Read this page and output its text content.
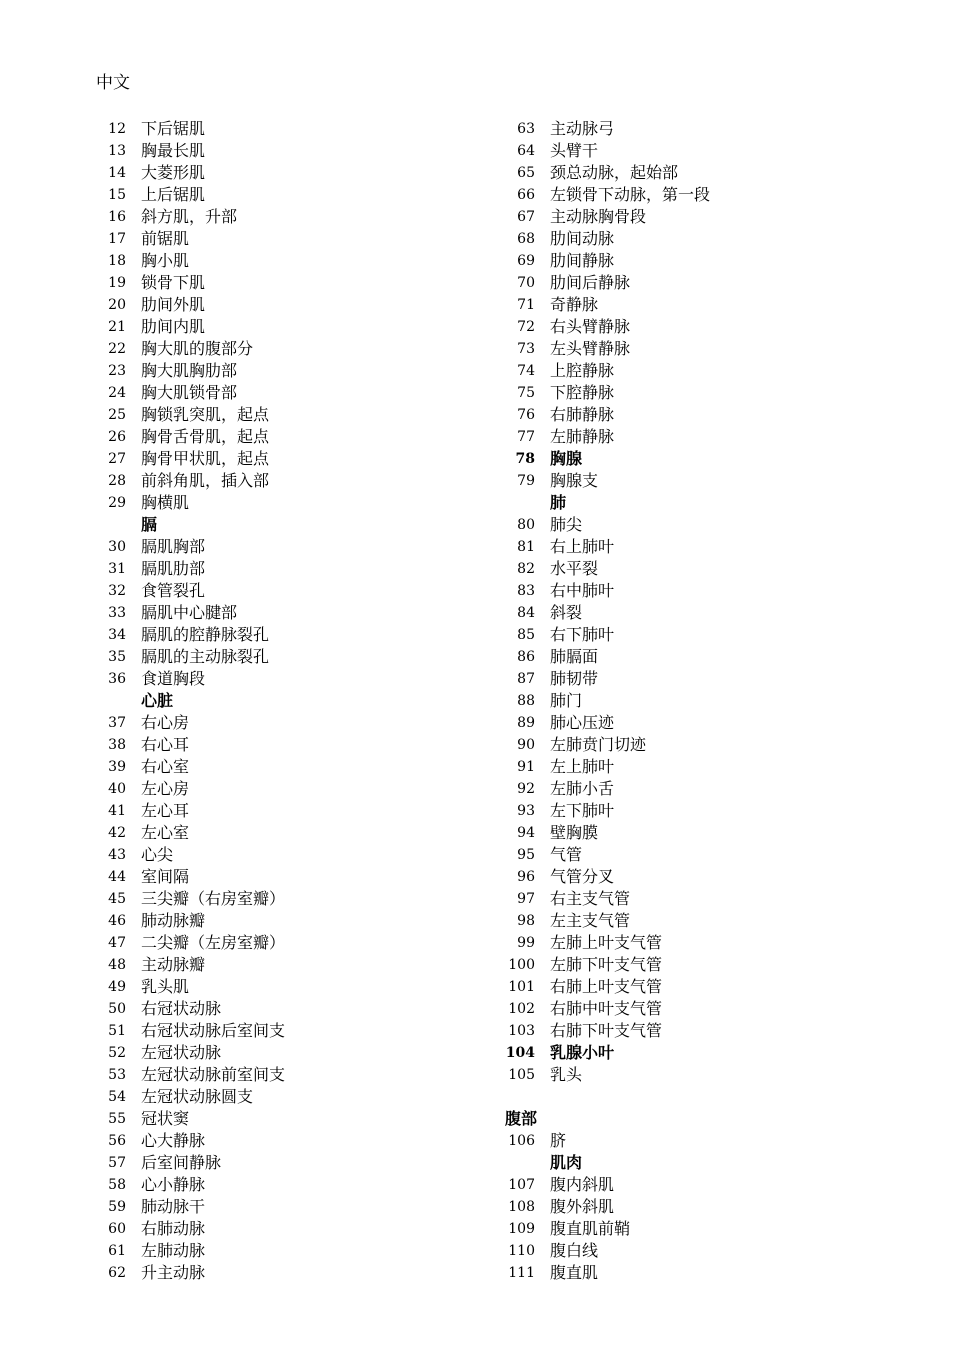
中文
12 下后锯肌
13 胸最长肌
14 大菱形肌
15 上后锯肌
16 斜方肌，升部
17 前锯肌
18 胸小肌
19 锁骨下肌
20 肋间外肌
21 肋间内肌
22 胸大肌的腹部分
23 胸大肌胸肋部
24 胸大肌锁骨部
25 胸锁乳突肌，起点
26 胸骨舌骨肌，起点
27 胸骨甲状肌，起点
28 前斜角肌，插入部
29 胸横肌
膈
30 膈肌胸部
31 膈肌肋部
32 食管裂孔
33 膈肌中心腱部
34 膈肌的腔静脉裂孔
35 膈肌的主动脉裂孔
36 食道胸段
心脏
37 右心房
38 右心耳
39 右心室
40 左心房
41 左心耳
42 左心室
43 心尖
44 室间隔
45 三尖瓣（右房室瓣）
46 肺动脉瓣
47 二尖瓣（左房室瓣）
48 主动脉瓣
49 乳头肌
50 右冠状动脉
51 右冠状动脉后室间支
52 左冠状动脉
53 左冠状动脉前室间支
54 左冠状动脉圆支
55 冠状窦
56 心大静脉
57 后室间静脉
58 心小静脉
59 肺动脉干
60 右肺动脉
61 左肺动脉
62 升主动脉
63 主动脉弓
64 头臂干
65 颈总动脉，起始部
66 左锁骨下动脉，第一段
67 主动脉胸骨段
68 肋间动脉
69 肋间静脉
70 肋间后静脉
71 奇静脉
72 右头臂静脉
73 左头臂静脉
74 上腔静脉
75 下腔静脉
76 右肺静脉
77 左肺静脉
78 胸腺
79 胸腺支
肺
80 肺尖
81 右上肺叶
82 水平裂
83 右中肺叶
84 斜裂
85 右下肺叶
86 肺膈面
87 肺韧带
88 肺门
89 肺心压迹
90 左肺贲门切迹
91 左上肺叶
92 左肺小舌
93 左下肺叶
94 壁胸膜
95 气管
96 气管分叉
97 右主支气管
98 左主支气管
99 左肺上叶支气管
100 左肺下叶支气管
101 右肺上叶支气管
102 右肺中叶支气管
103 右肺下叶支气管
104 乳腺小叶
105 乳头
腹部
106 脐
肌肉
107 腹内斜肌
108 腹外斜肌
109 腹直肌前鞘
110 腹白线
111 腹直肌
